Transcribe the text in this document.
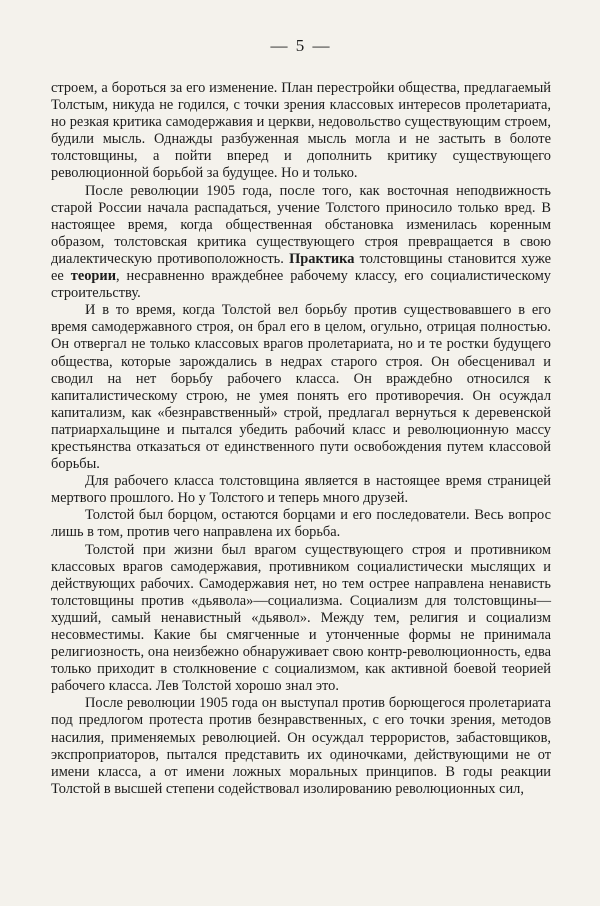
— 5 —

строем, а бороться за его изменение. План перестройки общества, предлагаемый Толстым, никуда не годился, с точки зрения классовых интересов пролетариата, но резкая критика самодержавия и церкви, недовольство существующим строем, будили мысль. Однажды разбуженная мысль могла и не застыть в болоте толстовщины, а пойти вперед и дополнить критику существующего революционной борьбой за будущее. Но и только.

После революции 1905 года, после того, как восточная неподвижность старой России начала распадаться, учение Толстого приносило только вред. В настоящее время, когда общественная обстановка изменилась коренным образом, толстовская критика существующего строя превращается в свою диалектическую противоположность. Практика толстовщины становится хуже ее теории, несравненно враждебнее рабочему классу, его социалистическому строительству.

И в то время, когда Толстой вел борьбу против существовавшего в его время самодержавного строя, он брал его в целом, огульно, отрицая полностью. Он отвергал не только классовых врагов пролетариата, но и те ростки будущего общества, которые зарождались в недрах старого строя. Он обесценивал и сводил на нет борьбу рабочего класса. Он враждебно относился к капиталистическому строю, не умея понять его противоречия. Он осуждал капитализм, как «безнравственный» строй, предлагал вернуться к деревенской патриархальщине и пытался убедить рабочий класс и революционную массу крестьянства отказаться от единственного пути освобождения путем классовой борьбы.

Для рабочего класса толстовщина является в настоящее время страницей мертвого прошлого. Но у Толстого и теперь много друзей.

Толстой был борцом, остаются борцами и его последователи. Весь вопрос лишь в том, против чего направлена их борьба.

Толстой при жизни был врагом существующего строя и противником классовых врагов самодержавия, противником социалистически мыслящих и действующих рабочих. Самодержавия нет, но тем острее направлена ненависть толстовщины против «дьявола»—социализма. Социализм для толстовщины—худший, самый ненавистный «дьявол». Между тем, религия и социализм несовместимы. Какие бы смягченные и утонченные формы не принимала религиозность, она неизбежно обнаруживает свою контр-революционность, едва только приходит в столкновение с социализмом, как активной боевой теорией рабочего класса. Лев Толстой хорошо знал это.

После революции 1905 года он выступал против борющегося пролетариата под предлогом протеста против безнравственных, с его точки зрения, методов насилия, применяемых революцией. Он осуждал террористов, забастовщиков, экспроприаторов, пытался представить их одиночками, действующими не от имени класса, а от имени ложных моральных принципов. В годы реакции Толстой в высшей степени содействовал изолированию революционных сил,
